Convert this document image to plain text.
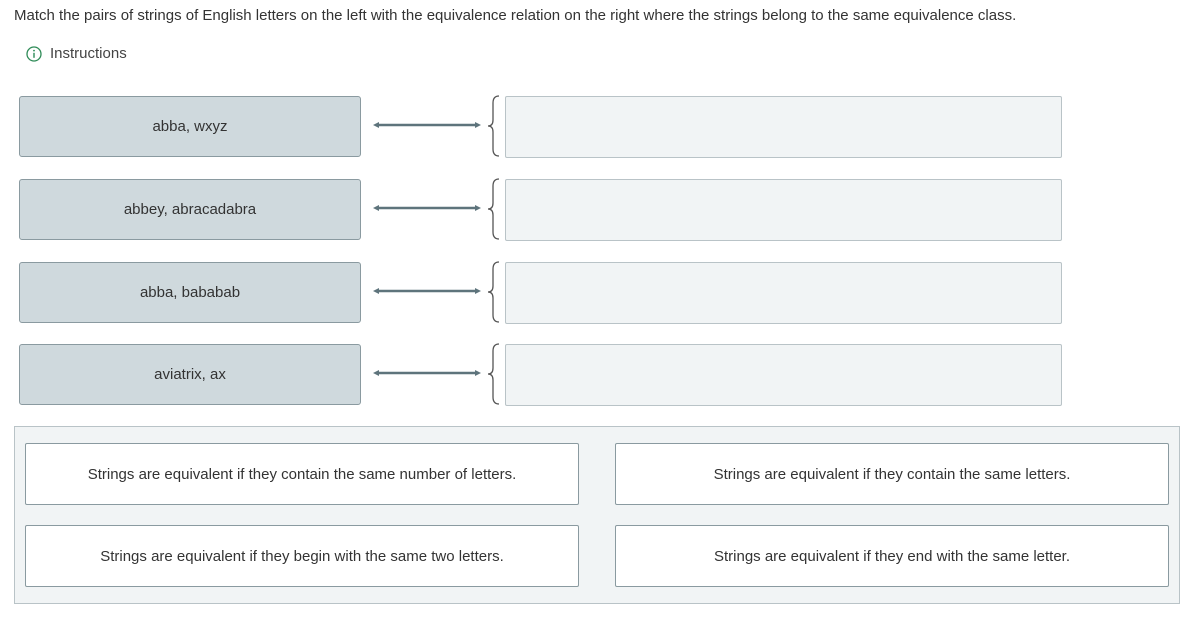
Match the pairs of strings of English letters on the left with the equivalence relation on the right where the strings belong to the same equivalence class.
Instructions
abba, wxyz
abbey, abracadabra
abba, bababab
aviatrix, ax
Strings are equivalent if they contain the same number of letters.	Strings are equivalent if they contain the same letters.
Strings are equivalent if they begin with the same two letters.	Strings are equivalent if they end with the same letter.
